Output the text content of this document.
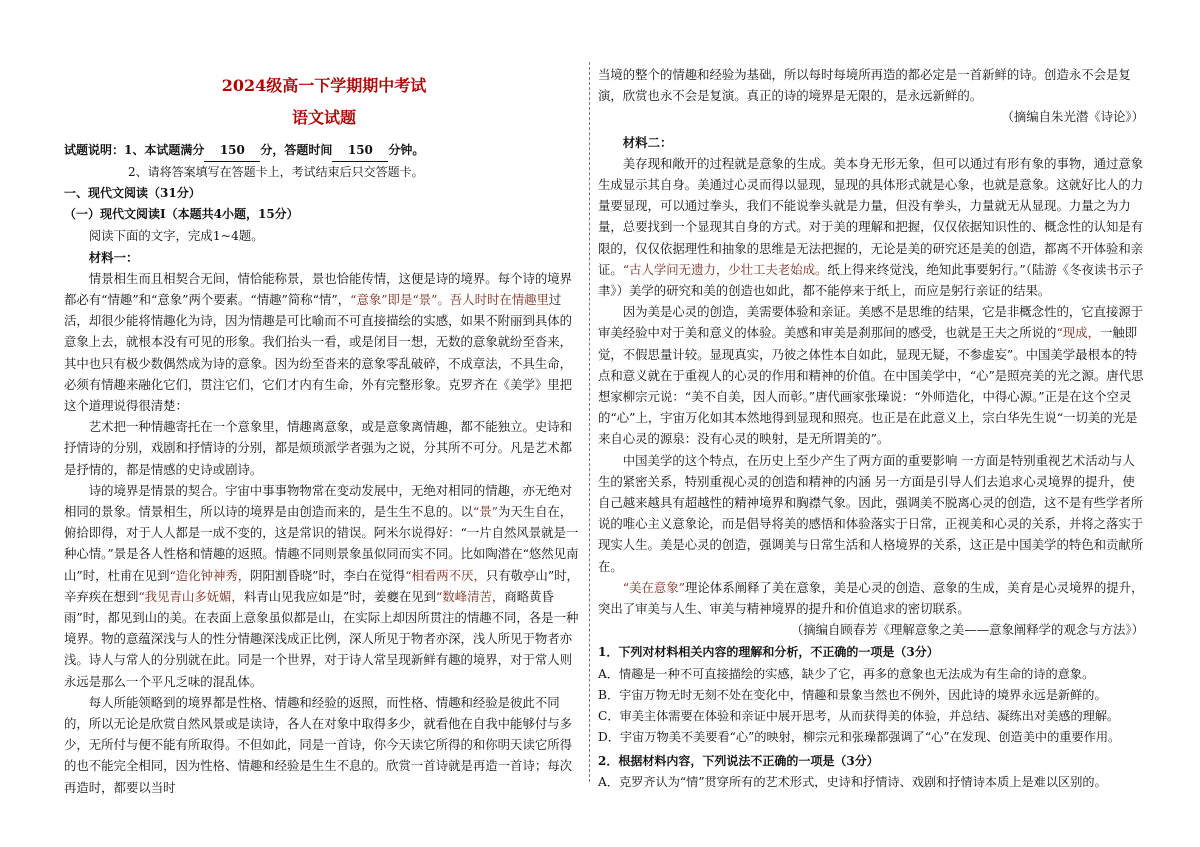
2024级高一下学期期中考试
语文试题

试题说明：1、本试题满分 150 分，答题时间 150 分钟。

2、请将答案填写在答题卡上，考试结束后只交答题卡。

一、现代文阅读（31分）

（一）现代文阅读Ⅰ（本题共4小题，15分）

阅读下面的文字，完成1~4题。

材料一：

情景相生而且相契合无间，情恰能称景，景也恰能传情，这便是诗的境界。每个诗的境界都必有“情趣”和“意象”两个要素。“情趣”简称“情”，“意象”即是“景”。吾人时时在情趣里过活，却很少能将情趣化为诗，因为情趣是可比喻而不可直接描绘的实感，如果不附丽到具体的意象上去，就根本没有可见的形象。我们抬头一看，或是闭目一想，无数的意象就纷至沓来，其中也只有极少数偶然成为诗的意象。因为纷至沓来的意象零乱破碎，不成章法，不具生命，必须有情趣来融化它们，贯注它们，它们才内有生命，外有完整形象。克罗齐在《美学》里把这个道理说得很清楚：

艺术把一种情趣寄托在一个意象里，情趣离意象，或是意象离情趣，都不能独立。史诗和抒情诗的分别，戏剧和抒情诗的分别，都是烦琐派学者强为之说，分其所不可分。凡是艺术都是抒情的，都是情感的史诗或剧诗。

诗的境界是情景的契合。宇宙中事事物物常在变动发展中，无绝对相同的情趣，亦无绝对相同的景象。情景相生，所以诗的境界是由创造而来的，是生生不息的。以“景”为天生自在，俯拾即得，对于人人都是一成不变的，这是常识的错误。阿米尔说得好：“一片自然风景就是一种心情。”景是各人性格和情趣的返照。情趣不同则景象虽似同而实不同。比如陶潜在“悠然见南山”时，杜甫在见到“造化钟神秀，阴阳割昏晓”时，李白在觉得“相看两不厌，只有敬亭山”时，辛弃疾在想到“我见青山多妩媚，料青山见我应如是”时，姜夔在见到“数峰清苦，商略黄昏雨”时，都见到山的美。在表面上意象虽似都是山，在实际上却因所贯注的情趣不同，各是一种境界。物的意蕴深浅与人的性分情趣深浅成正比例，深人所见于物者亦深，浅人所见于物者亦浅。诗人与常人的分别就在此。同是一个世界，对于诗人常呈现新鲜有趣的境界，对于常人则永远是那么一个平凡乏味的混乱体。

每人所能领略到的境界都是性格、情趣和经验的返照，而性格、情趣和经验是彼此不同的，所以无论是欣赏自然风景或是读诗，各人在对象中取得多少，就看他在自我中能够付与多少，无所付与便不能有所取得。不但如此，同是一首诗，你今天读它所得的和你明天读它所得的也不能完全相同，因为性格、情趣和经验是生生不息的。欣赏一首诗就是再造一首诗；每次再造时，都要以当时

当境的整个的情趣和经验为基础，所以每时每境所再造的都必定是一首新鲜的诗。创造永不会是复演，欣赏也永不会是复演。真正的诗的境界是无限的，是永远新鲜的。

（摘编自朱光潜《诗论》）

材料二：

美存现和敞开的过程就是意象的生成。美本身无形无象，但可以通过有形有象的事物，通过意象生成显示其自身。美通过心灵而得以显现，显现的具体形式就是心象，也就是意象。这就好比人的力量要显现，可以通过拳头，我们不能说拳头就是力量，但没有拳头，力量就无从显现。力量之为力量，总要找到一个显现其自身的方式。对于美的理解和把握，仅仅依据知识性的、概念性的认知是有限的，仅仅依据理性和抽象的思维是无法把握的，无论是美的研究还是美的创造，都离不开体验和亲证。“古人学问无遗力，少壮工夫老始成。纸上得来终觉浅，绝知此事要躬行。”（陆游《冬夜读书示子聿》）美学的研究和美的创造也如此，都不能停来于纸上，而应是躬行亲证的结果。

因为美是心灵的创造，美需要体验和亲证。美感不是思维的结果，它是非概念性的，它直接源于审美经验中对于美和意义的体验。美感和审美是刹那间的感受，也就是王夫之所说的“现成，一触即觉，不假思量计较。显现真实，乃彼之体性本自如此，显现无疑，不参虚妄”。中国美学最根本的特点和意义就在于重视人的心灵的作用和精神的价值。在中国美学中，“心”是照亮美的光之源。唐代思想家柳宗元说：“美不自美，因人而彰。”唐代画家张璪说：“外师造化，中得心源。”正是在这个空灵的“心”上，宇宙万化如其本然地得到显现和照亮。也正是在此意义上，宗白华先生说“一切美的光是来自心灵的源泉：没有心灵的映射，是无所谓美的”。

中国美学的这个特点，在历史上至少产生了两方面的重要影响 一方面是特别重视艺术活动与人生的紧密关系，特别重视心灵的创造和精神的内涵 另一方面是引导人们去追求心灵境界的提升，使自己越来越具有超越性的精神境界和胸襟气象。因此，强调美不脱离心灵的创造，这不是有些学者所说的唯心主义意象论，而是倡导将美的感悟和体验落实于日常，正视美和心灵的关系，并将之落实于现实人生。美是心灵的创造，强调美与日常生活和人格境界的关系，这正是中国美学的特色和贡献所在。

“美在意象”理论体系阐释了美在意象，美是心灵的创造、意象的生成，美育是心灵境界的提升，突出了审美与人生、审美与精神境界的提升和价值追求的密切联系。

（摘编自顾春芳《理解意象之美——意象阐释学的观念与方法》）

1．下列对材料相关内容的理解和分析，不正确的一项是（3分）

A．情趣是一种不可直接描绘的实感，缺少了它，再多的意象也无法成为有生命的诗的意象。

B．宇宙万物无时无刻不处在变化中，情趣和景象当然也不例外，因此诗的境界永远是新鲜的。

C．审美主体需要在体验和亲证中展开思考，从而获得美的体验，并总结、凝练出对美感的理解。

D．宇宙万物美不美要看“心”的映射，柳宗元和张璪都强调了“心”在发现、创造美中的重要作用。

2．根据材料内容，下列说法不正确的一项是（3分）

A．克罗齐认为“情”贯穿所有的艺术形式，史诗和抒情诗、戏剧和抒情诗本质上是难以区别的。
